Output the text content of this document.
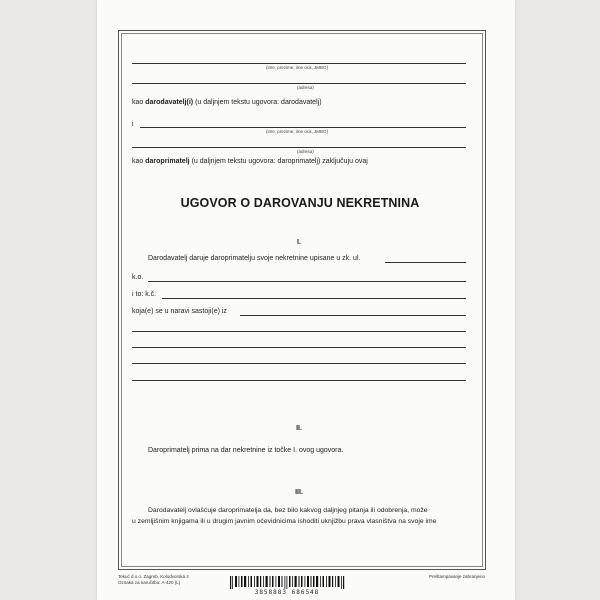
(ime, prezime, ime oca, JMBG)
(adresa)
kao darodavatelj(i) (u daljnjem tekstu ugovora: darodavatelj)
i
(ime, prezime, ime oca, JMBG)
(adresa)
kao daroprimatelj (u daljnjem tekstu ugovora: daroprimatelj) zaključuju ovaj
UGOVOR O DAROVANJU NEKRETNINA
I.
Darodavatelj daruje daroprimatelju svoje nekretnine upisane u zk. ul.
k.o.
i to: k.č.
koja(e) se u naravi sastoji(e) iz
II.
Daroprimatelj prima na dar nekretnine iz točke I. ovog ugovora.
III.
Darodavatelj ovlašćuje daroprimatelja da, bez bilo kakvog daljnjeg pitanja ili odobrenja, može
u zemljišnim knjigama ili u drugim javnim očevidnicima ishoditi uknjižbu prava vlasništva na svoje ime
Tekuć d.o.o. Zagreb, Kolodvorska 4
Oznaka za naručitbu: A-420 (L)
Preštampavanje zabranjeno
3858883 686548
